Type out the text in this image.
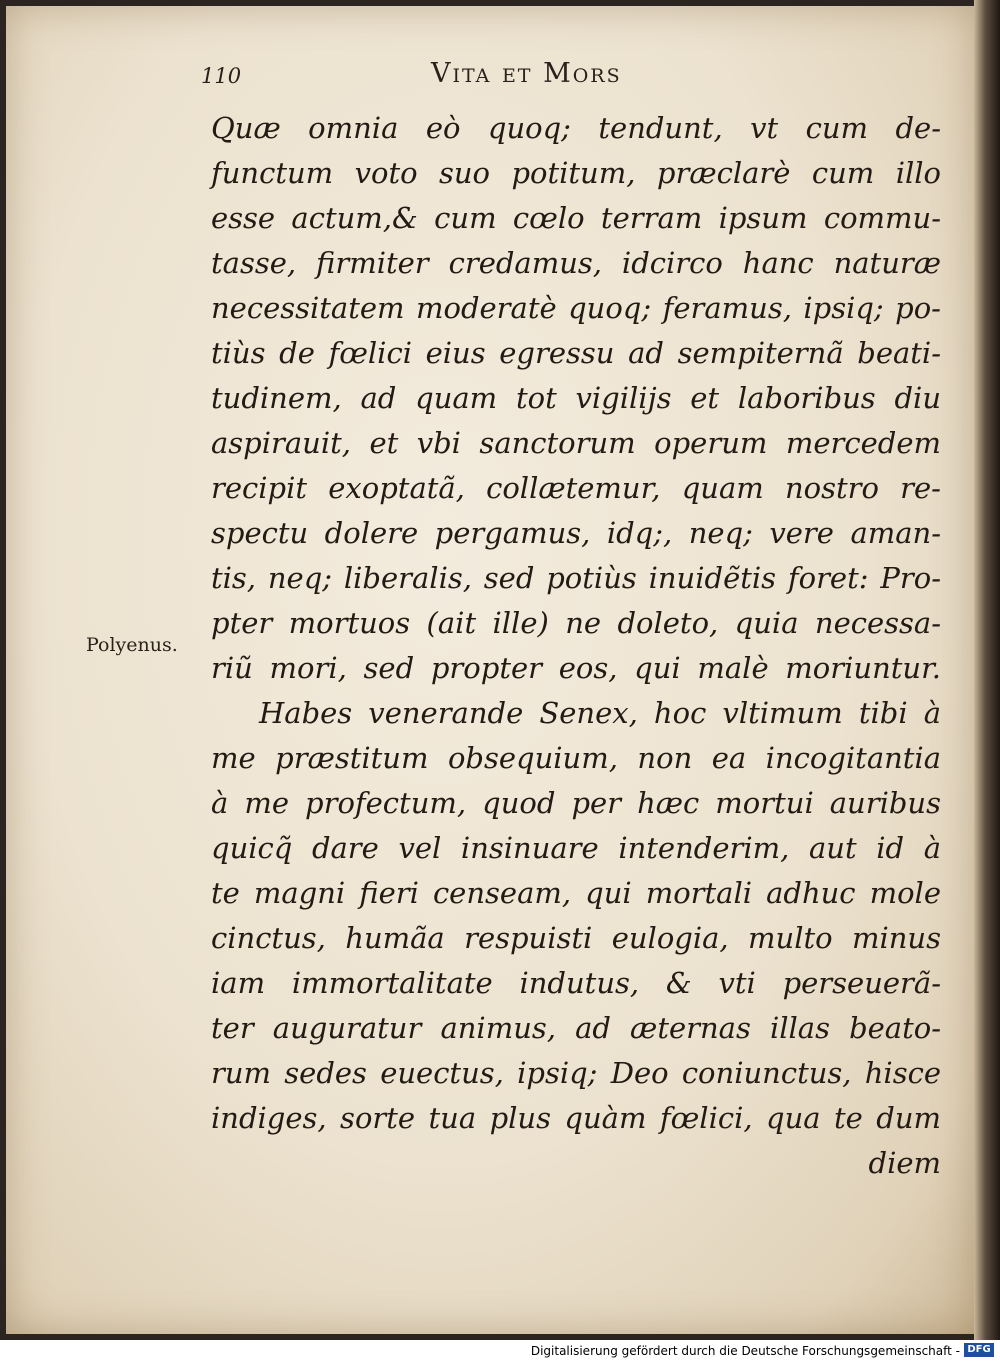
110	Vita et Mors
Polyenus.
Quæ omnia eò quoq; tendunt, vt cum de-
functum voto suo potitum, præclarè cum illo
esse actum,& cum cœlo terram ipsum commu-
tasse, firmiter credamus, idcirco hanc naturæ
necessitatem moderatè quoq; feramus, ipsiq; po-
tiùs de fœlici eius egressu ad sempiternã beati-
tudinem, ad quam tot vigilijs et laboribus diu
aspirauit, et vbi sanctorum operum mercedem
recipit exoptatã, collætemur, quam nostro re-
spectu dolere pergamus, idq;, neq; vere aman-
tis, neq; liberalis, sed potiùs inuidẽtis foret: Pro-
pter mortuos (ait ille) ne doleto, quia necessa-
riũ mori, sed propter eos, qui malè moriuntur.
Habes venerande Senex, hoc vltimum tibi à
me præstitum obsequium, non ea incogitantia
à me profectum, quod per hæc mortui auribus
quicq̃ dare vel insinuare intenderim, aut id à
te magni fieri censeam, qui mortali adhuc mole
cinctus, humãa respuisti eulogia, multo minus
iam immortalitate indutus, & vti perseuerã-
ter auguratur animus, ad æternas illas beato-
rum sedes euectus, ipsiq; Deo coniunctus, hisce
indiges, sorte tua plus quàm fœlici, qua te dum
diem
Digitalisierung gefördert durch die Deutsche Forschungsgemeinschaft - DFG
